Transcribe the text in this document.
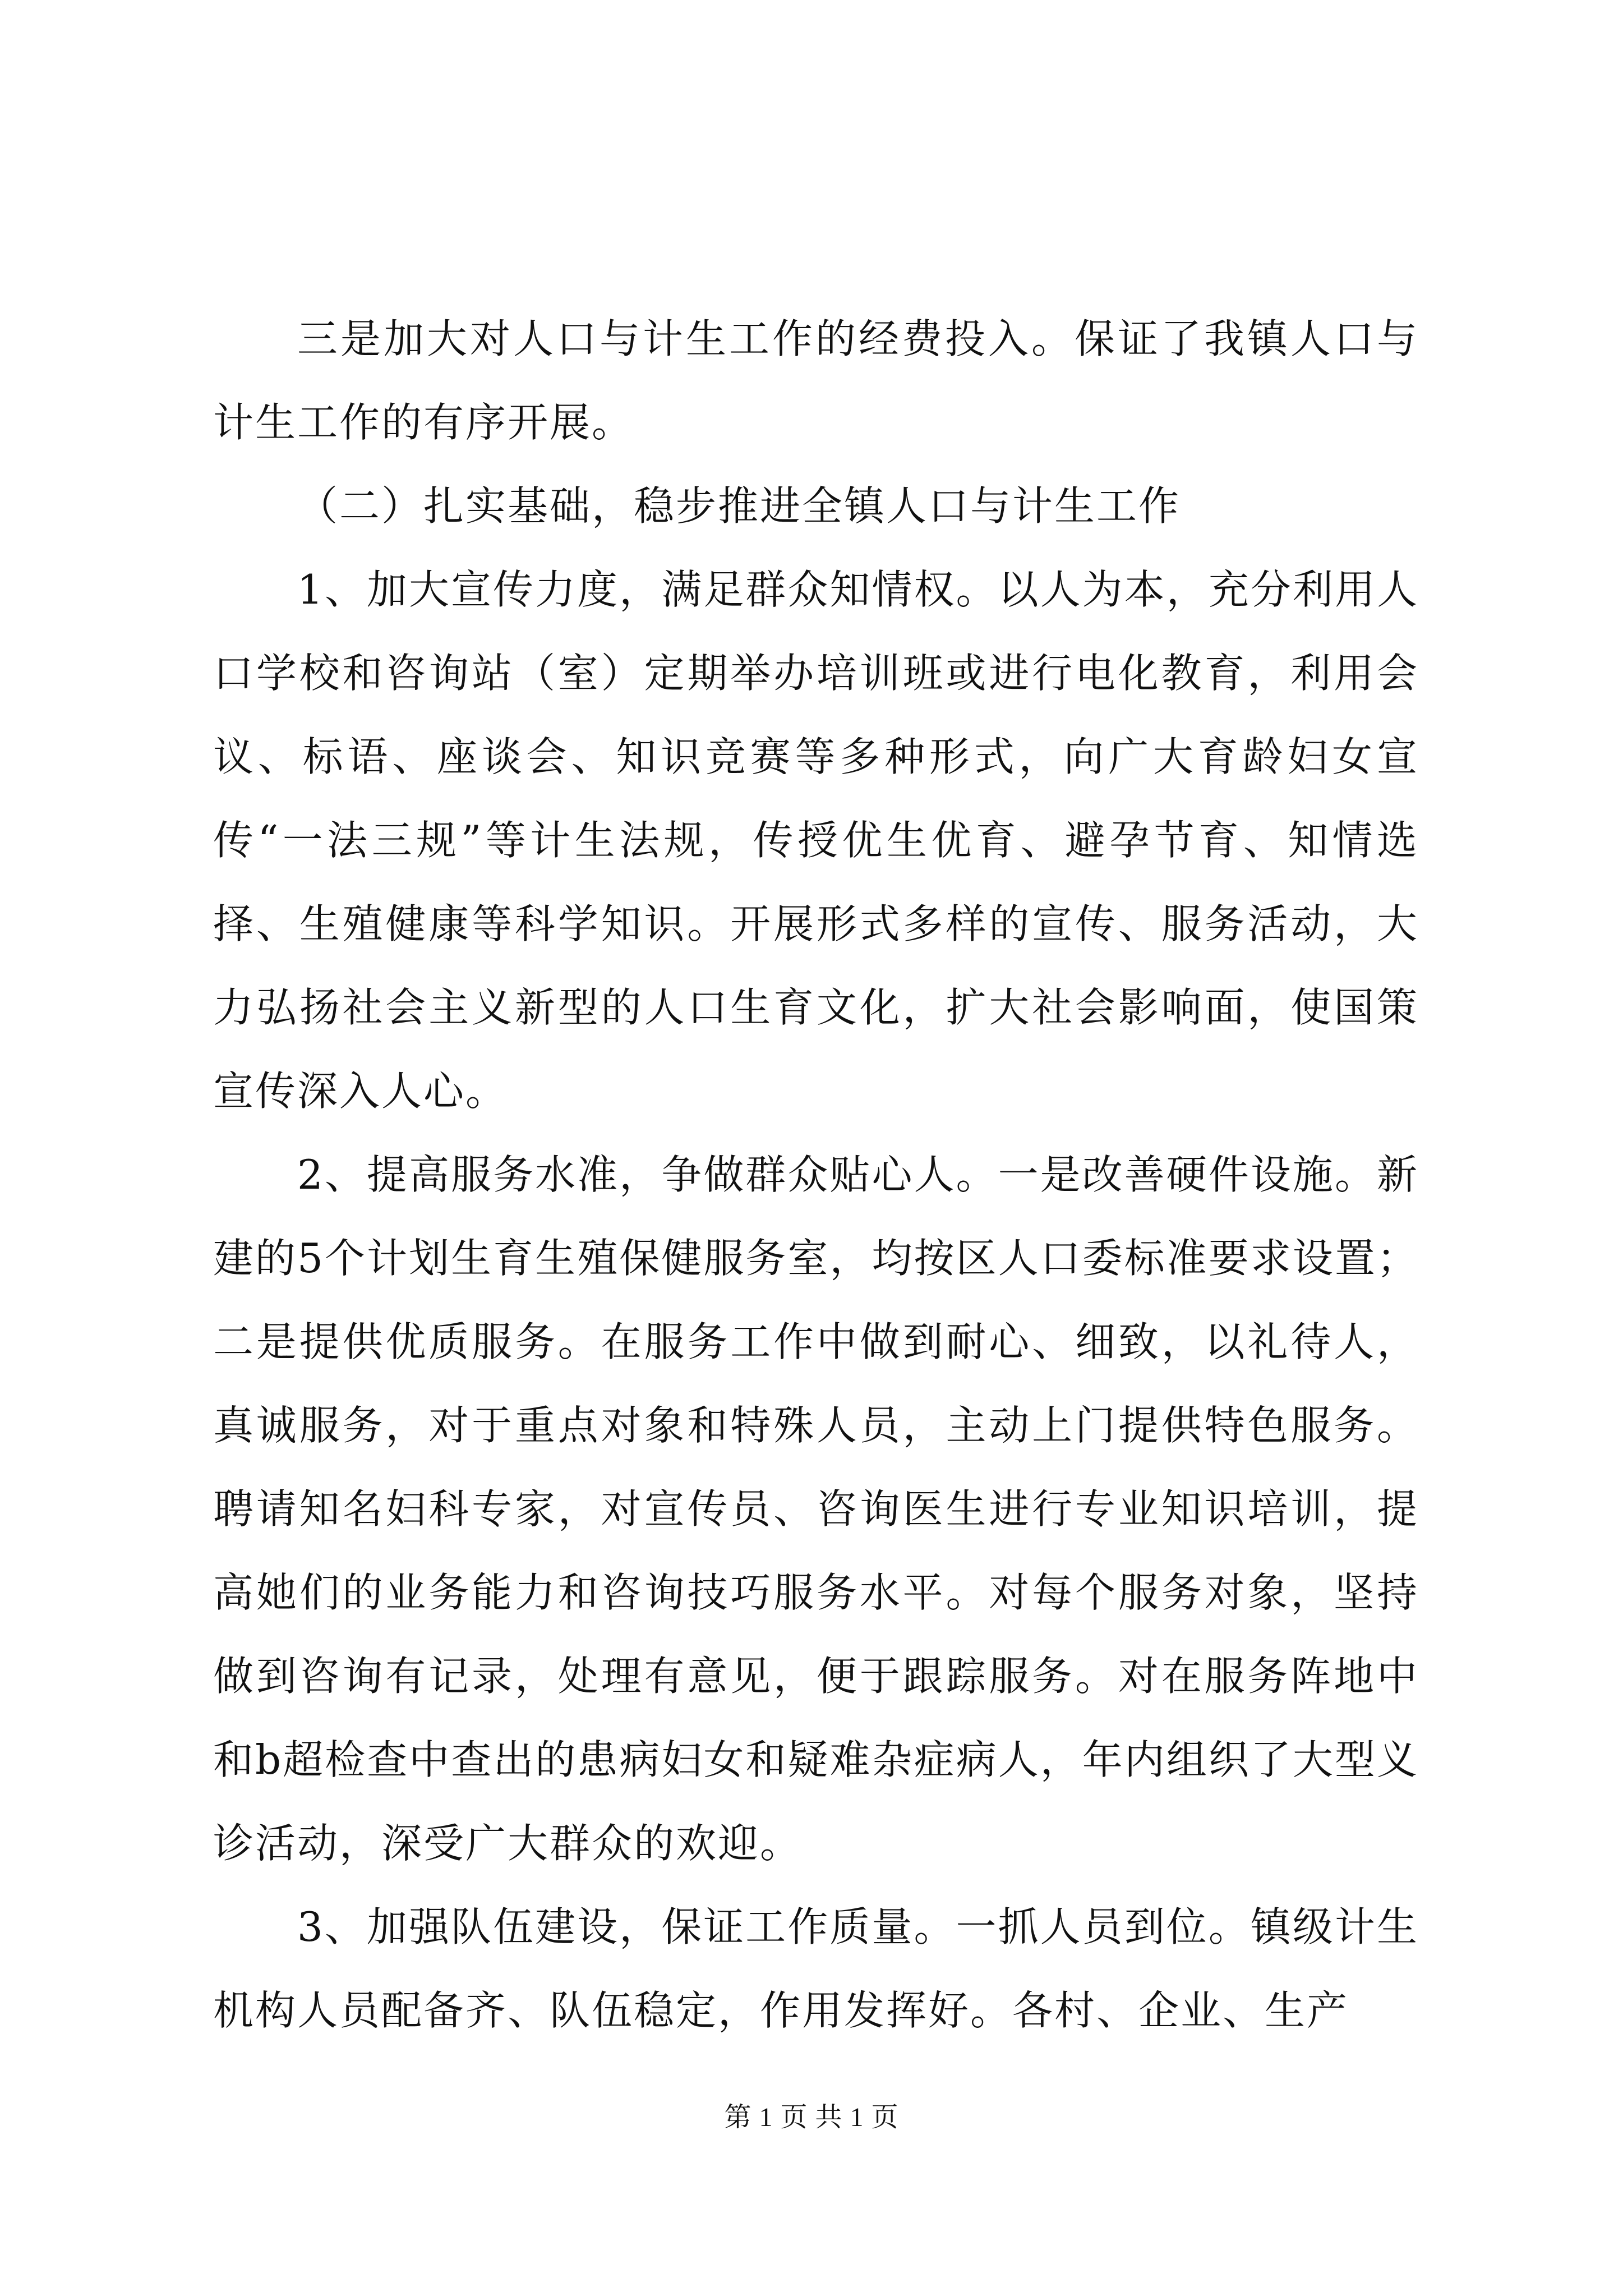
三是加大对人口与计生工作的经费投入。保证了我镇人口与计生工作的有序开展。

（二）扎实基础，稳步推进全镇人口与计生工作

1、加大宣传力度，满足群众知情权。以人为本，充分利用人口学校和咨询站（室）定期举办培训班或进行电化教育，利用会议、标语、座谈会、知识竞赛等多种形式，向广大育龄妇女宣传“一法三规”等计生法规，传授优生优育、避孕节育、知情选择、生殖健康等科学知识。开展形式多样的宣传、服务活动，大力弘扬社会主义新型的人口生育文化，扩大社会影响面，使国策宣传深入人心。

2、提高服务水准，争做群众贴心人。一是改善硬件设施。新建的5个计划生育生殖保健服务室，均按区人口委标准要求设置；二是提供优质服务。在服务工作中做到耐心、细致，以礼待人，真诚服务，对于重点对象和特殊人员，主动上门提供特色服务。聘请知名妇科专家，对宣传员、咨询医生进行专业知识培训，提高她们的业务能力和咨询技巧服务水平。对每个服务对象，坚持做到咨询有记录，处理有意见，便于跟踪服务。对在服务阵地中和b超检查中查出的患病妇女和疑难杂症病人，年内组织了大型义诊活动，深受广大群众的欢迎。

3、加强队伍建设，保证工作质量。一抓人员到位。镇级计生机构人员配备齐、队伍稳定，作用发挥好。各村、企业、生产

第 1 页 共 1 页
